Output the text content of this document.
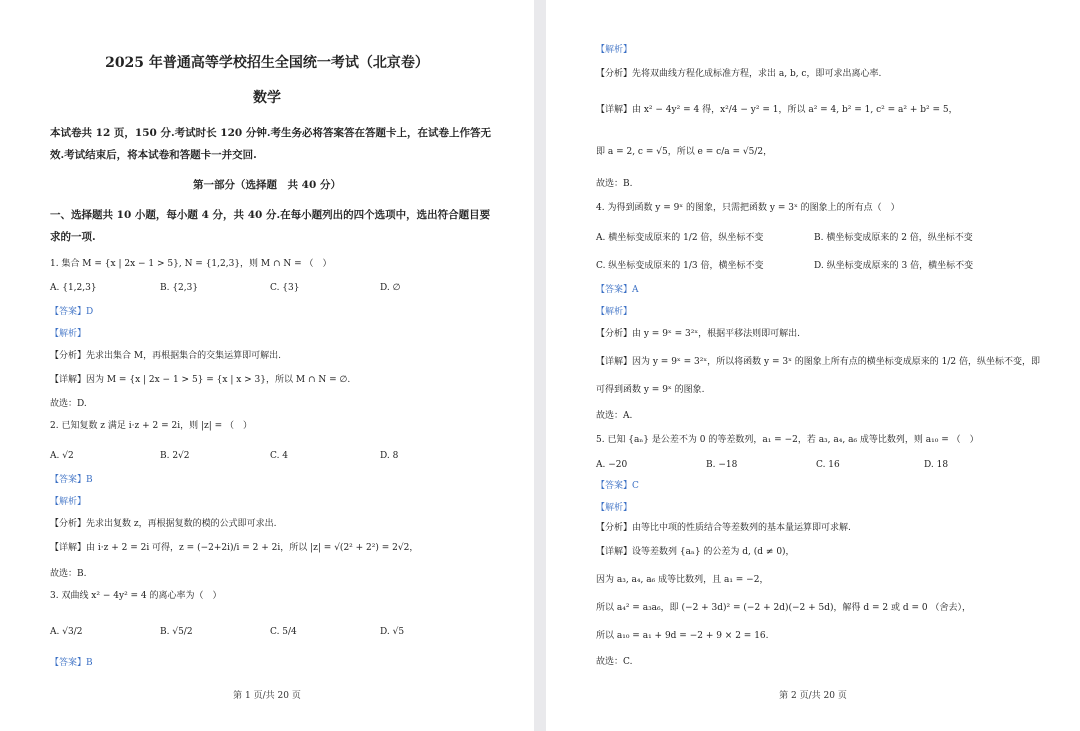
2025 年普通高等学校招生全国统一考试（北京卷）
数学
本试卷共 12 页，150 分.考试时长 120 分钟.考生务必将答案答在答题卡上，在试卷上作答无
效.考试结束后，将本试卷和答题卡一并交回.
第一部分（选择题　共 40 分）
一、选择题共 10 小题，每小题 4 分，共 40 分.在每小题列出的四个选项中，选出符合题目要
求的一项.
1. 集合 M = {x | 2x − 1 > 5}, N = {1,2,3}，则 M ∩ N = （　）
A. {1,2,3}	B. {2,3}	C. {3}	D. ∅
【答案】D
【解析】
【分析】先求出集合 M，再根据集合的交集运算即可解出.
【详解】因为 M = {x | 2x − 1 > 5} = {x | x > 3}，所以 M ∩ N = ∅.
故选：D.
2. 已知复数 z 满足 i·z + 2 = 2i，则 |z| = （　）
A. √2	B. 2√2	C. 4	D. 8
【答案】B
【解析】
【分析】先求出复数 z，再根据复数的模的公式即可求出.
【详解】由 i·z + 2 = 2i 可得，z = (−2+2i)/i = 2 + 2i，所以 |z| = √(2² + 2²) = 2√2，
故选：B.
3. 双曲线 x² − 4y² = 4 的离心率为（　）
A. √3/2	B. √5/2	C. 5/4	D. √5
【答案】B
第 1 页/共 20 页
【解析】
【分析】先将双曲线方程化成标准方程，求出 a, b, c，即可求出离心率.
【详解】由 x² − 4y² = 4 得，x²/4 − y² = 1，所以 a² = 4, b² = 1, c² = a² + b² = 5，
即 a = 2, c = √5，所以 e = c/a = √5/2，
故选：B.
4. 为得到函数 y = 9ˣ 的图象，只需把函数 y = 3ˣ 的图象上的所有点（　）
A. 横坐标变成原来的 1/2 倍，纵坐标不变	B. 横坐标变成原来的 2 倍，纵坐标不变
C. 纵坐标变成原来的 1/3 倍，横坐标不变	D. 纵坐标变成原来的 3 倍，横坐标不变
【答案】A
【解析】
【分析】由 y = 9ˣ = 3²ˣ，根据平移法则即可解出.
【详解】因为 y = 9ˣ = 3²ˣ，所以将函数 y = 3ˣ 的图象上所有点的横坐标变成原来的 1/2 倍，纵坐标不变，即
可得到函数 y = 9ˣ 的图象.
故选：A.
5. 已知 {aₙ} 是公差不为 0 的等差数列，a₁ = −2，若 a₃, a₄, a₆ 成等比数列，则 a₁₀ = （　）
A. −20	B. −18	C. 16	D. 18
【答案】C
【解析】
【分析】由等比中项的性质结合等差数列的基本量运算即可求解.
【详解】设等差数列 {aₙ} 的公差为 d, (d ≠ 0)，
因为 a₃, a₄, a₆ 成等比数列，且 a₁ = −2，
所以 a₄² = a₃a₆，即 (−2 + 3d)² = (−2 + 2d)(−2 + 5d)，解得 d = 2 或 d = 0 （舍去），
所以 a₁₀ = a₁ + 9d = −2 + 9 × 2 = 16.
故选：C.
第 2 页/共 20 页
